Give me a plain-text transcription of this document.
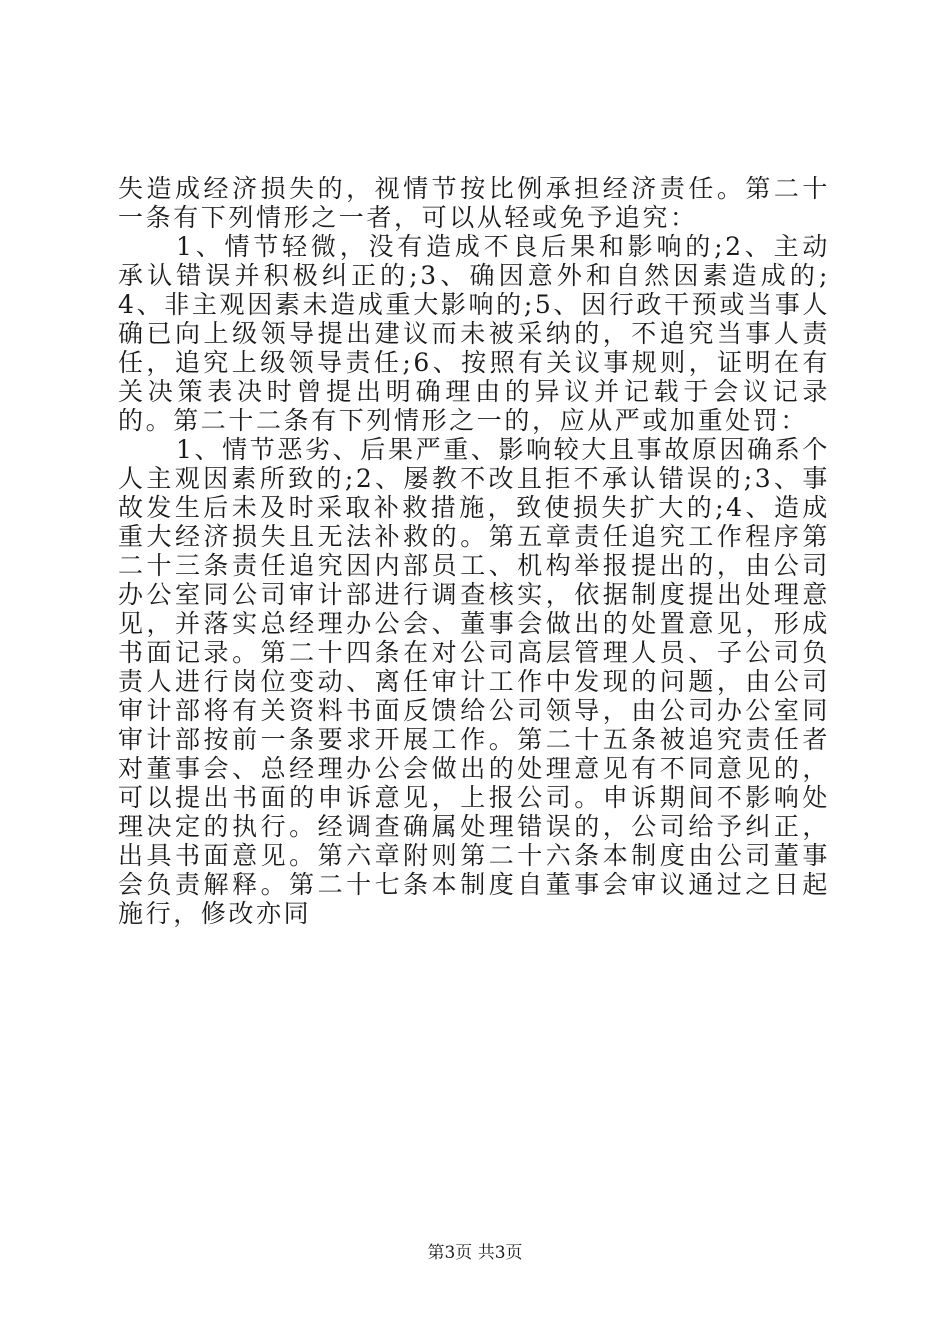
失造成经济损失的，视情节按比例承担经济责任。第二十一条有下列情形之一者，可以从轻或免予追究：

1、情节轻微，没有造成不良后果和影响的;2、主动承认错误并积极纠正的;3、确因意外和自然因素造成的;4、非主观因素未造成重大影响的;5、因行政干预或当事人确已向上级领导提出建议而未被采纳的，不追究当事人责任，追究上级领导责任;6、按照有关议事规则，证明在有关决策表决时曾提出明确理由的异议并记载于会议记录的。第二十二条有下列情形之一的，应从严或加重处罚：

1、情节恶劣、后果严重、影响较大且事故原因确系个人主观因素所致的;2、屡教不改且拒不承认错误的;3、事故发生后未及时采取补救措施，致使损失扩大的;4、造成重大经济损失且无法补救的。第五章责任追究工作程序第二十三条责任追究因内部员工、机构举报提出的，由公司办公室同公司审计部进行调查核实，依据制度提出处理意见，并落实总经理办公会、董事会做出的处置意见，形成书面记录。第二十四条在对公司高层管理人员、子公司负责人进行岗位变动、离任审计工作中发现的问题，由公司审计部将有关资料书面反馈给公司领导，由公司办公室同审计部按前一条要求开展工作。第二十五条被追究责任者对董事会、总经理办公会做出的处理意见有不同意见的，可以提出书面的申诉意见，上报公司。申诉期间不影响处理决定的执行。经调查确属处理错误的，公司给予纠正，出具书面意见。第六章附则第二十六条本制度由公司董事会负责解释。第二十七条本制度自董事会审议通过之日起施行，修改亦同

第3页 共3页
